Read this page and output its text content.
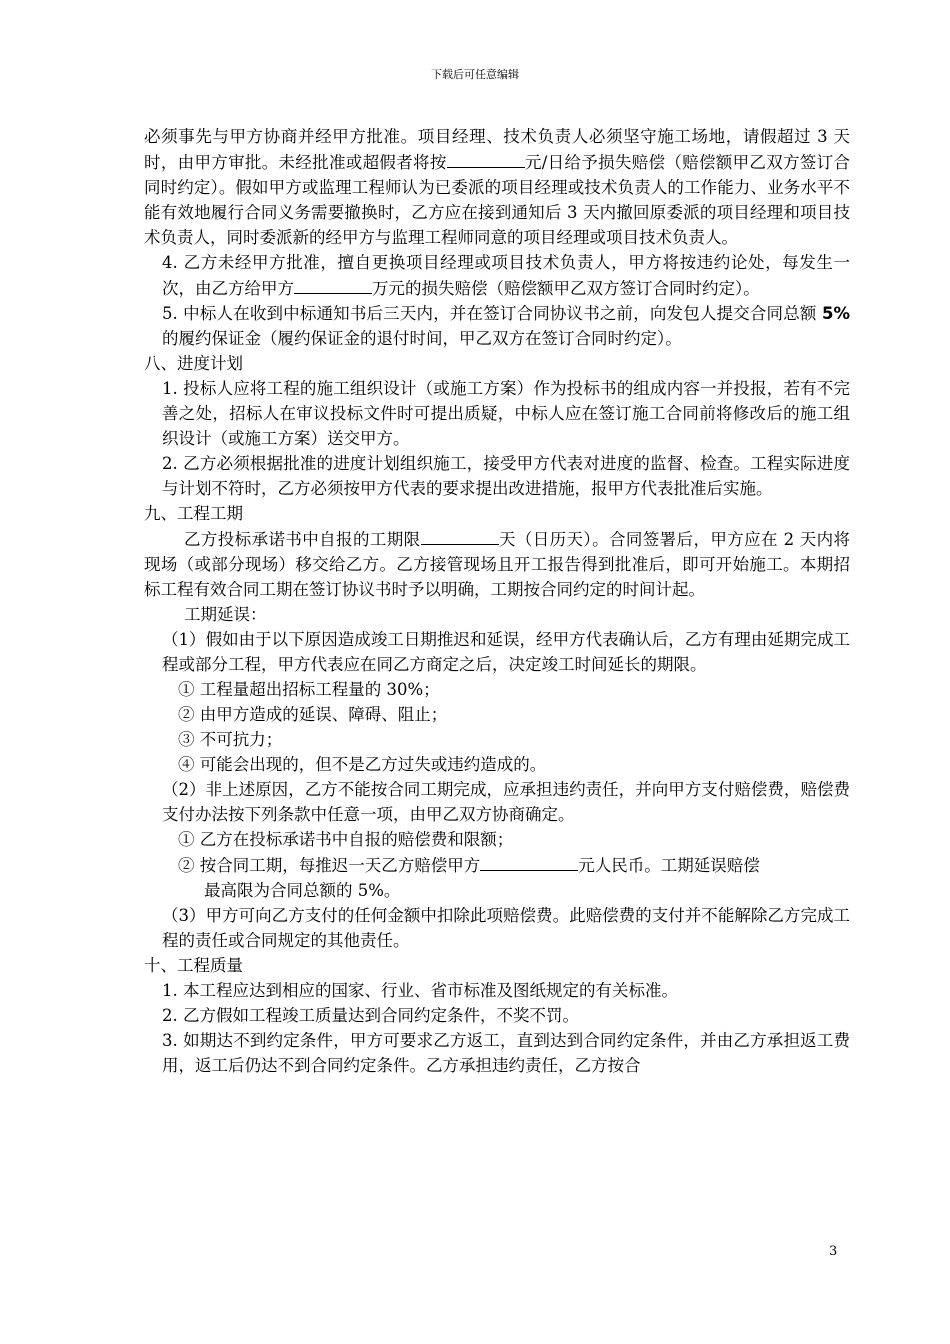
下载后可任意编辑

必须事先与甲方协商并经甲方批准。项目经理、技术负责人必须坚守施工场地，请假超过 3 天时，由甲方审批。未经批准或超假者将按	元/日给予损失赔偿（赔偿额甲乙双方签订合同时约定）。假如甲方或监理工程师认为已委派的项目经理或技术负责人的工作能力、业务水平不能有效地履行合同义务需要撤换时，乙方应在接到通知后 3 天内撤回原委派的项目经理和项目技术负责人，同时委派新的经甲方与监理工程师同意的项目经理或项目技术负责人。

4. 乙方未经甲方批准，擅自更换项目经理或项目技术负责人，甲方将按违约论处，每发生一次，由乙方给甲方	万元的损失赔偿（赔偿额甲乙双方签订合同时约定）。

5. 中标人在收到中标通知书后三天内，并在签订合同协议书之前，向发包人提交合同总额 5%的履约保证金（履约保证金的退付时间，甲乙双方在签订合同时约定）。

八、进度计划

1. 投标人应将工程的施工组织设计（或施工方案）作为投标书的组成内容一并投报，若有不完善之处，招标人在审议投标文件时可提出质疑，中标人应在签订施工合同前将修改后的施工组织设计（或施工方案）送交甲方。

2. 乙方必须根据批准的进度计划组织施工，接受甲方代表对进度的监督、检查。工程实际进度与计划不符时，乙方必须按甲方代表的要求提出改进措施，报甲方代表批准后实施。

九、工程工期

乙方投标承诺书中自报的工期限	天（日历天）。合同签署后，甲方应在 2 天内将现场（或部分现场）移交给乙方。乙方接管现场且开工报告得到批准后，即可开始施工。本期招标工程有效合同工期在签订协议书时予以明确，工期按合同约定的时间计起。

工期延误：

（1）假如由于以下原因造成竣工日期推迟和延误，经甲方代表确认后，乙方有理由延期完成工程或部分工程，甲方代表应在同乙方商定之后，决定竣工时间延长的期限。

① 工程量超出招标工程量的 30%；

② 由甲方造成的延误、障碍、阻止；

③ 不可抗力；

④ 可能会出现的，但不是乙方过失或违约造成的。

（2）非上述原因，乙方不能按合同工期完成，应承担违约责任，并向甲方支付赔偿费，赔偿费支付办法按下列条款中任意一项，由甲乙双方协商确定。

① 乙方在投标承诺书中自报的赔偿费和限额；

② 按合同工期，每推迟一天乙方赔偿甲方	元人民币。工期延误赔偿

最高限为合同总额的 5%。

（3）甲方可向乙方支付的任何金额中扣除此项赔偿费。此赔偿费的支付并不能解除乙方完成工程的责任或合同规定的其他责任。

十、工程质量

1. 本工程应达到相应的国家、行业、省市标准及图纸规定的有关标准。

2. 乙方假如工程竣工质量达到合同约定条件，不奖不罚。

3. 如期达不到约定条件，甲方可要求乙方返工，直到达到合同约定条件，并由乙方承担返工费用，返工后仍达不到合同约定条件。乙方承担违约责任，乙方按合

3
